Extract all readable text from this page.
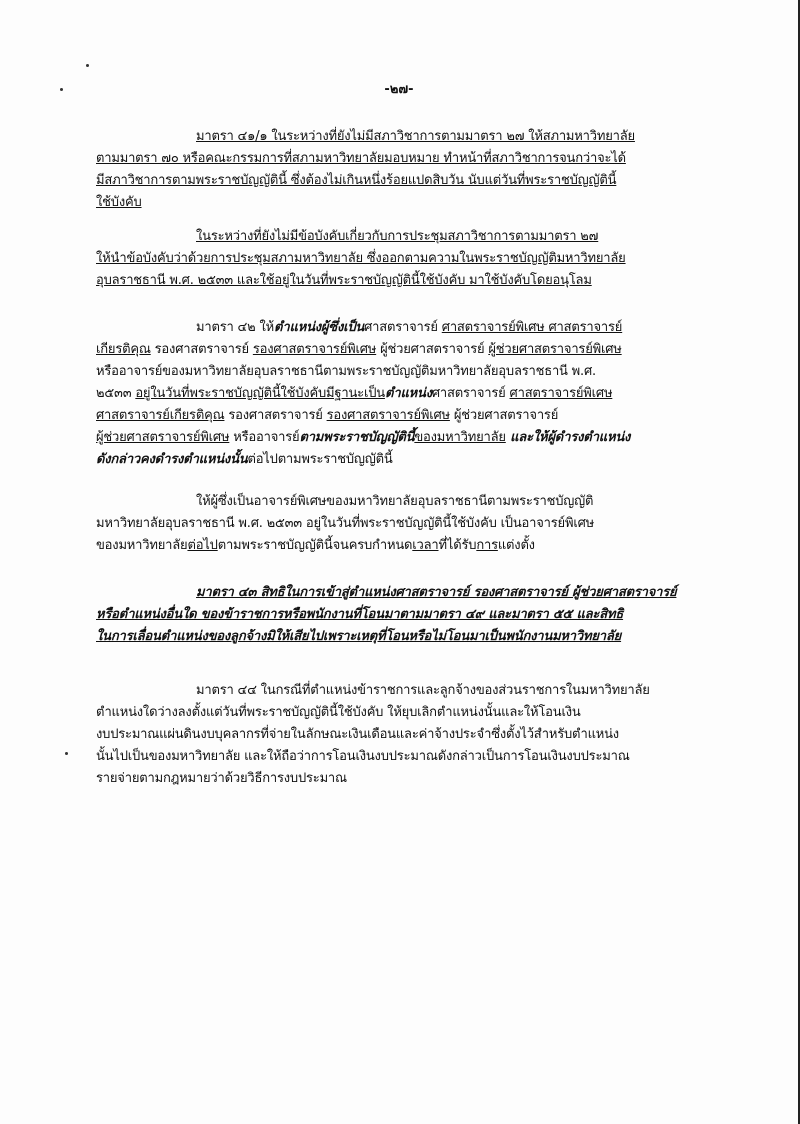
-๒๗-

มาตรา ๔๑/๑ ในระหว่างที่ยังไม่มีสภาวิชาการตามมาตรา ๒๗ ให้สภามหาวิทยาลัย
ตามมาตรา ๗๐ หรือคณะกรรมการที่สภามหาวิทยาลัยมอบหมาย ทำหน้าที่สภาวิชาการจนกว่าจะได้
มีสภาวิชาการตามพระราชบัญญัตินี้ ซึ่งต้องไม่เกินหนึ่งร้อยแปดสิบวัน นับแต่วันที่พระราชบัญญัตินี้
ใช้บังคับ

ในระหว่างที่ยังไม่มีข้อบังคับเกี่ยวกับการประชุมสภาวิชาการตามมาตรา ๒๗
ให้นำข้อบังคับว่าด้วยการประชุมสภามหาวิทยาลัย ซึ่งออกตามความในพระราชบัญญัติมหาวิทยาลัย
อุบลราชธานี พ.ศ. ๒๕๓๓ และใช้อยู่ในวันที่พระราชบัญญัตินี้ใช้บังคับ มาใช้บังคับโดยอนุโลม

มาตรา ๔๒ ให้ตำแหน่งผู้ซึ่งเป็นศาสตราจารย์ ศาสตราจารย์พิเศษ ศาสตราจารย์
เกียรติคุณ รองศาสตราจารย์ รองศาสตราจารย์พิเศษ ผู้ช่วยศาสตราจารย์ ผู้ช่วยศาสตราจารย์พิเศษ
หรืออาจารย์ของมหาวิทยาลัยอุบลราชธานีตามพระราชบัญญัติมหาวิทยาลัยอุบลราชธานี พ.ศ.
๒๕๓๓ อยู่ในวันที่พระราชบัญญัตินี้ใช้บังคับมีฐานะเป็นตำแหน่งศาสตราจารย์ ศาสตราจารย์พิเศษ
ศาสตราจารย์เกียรติคุณ รองศาสตราจารย์ รองศาสตราจารย์พิเศษ ผู้ช่วยศาสตราจารย์
ผู้ช่วยศาสตราจารย์พิเศษ หรืออาจารย์ตามพระราชบัญญัตินี้ของมหาวิทยาลัย และให้ผู้ดำรงตำแหน่ง
ดังกล่าวคงดำรงตำแหน่งนั้นต่อไปตามพระราชบัญญัตินี้

ให้ผู้ซึ่งเป็นอาจารย์พิเศษของมหาวิทยาลัยอุบลราชธานีตามพระราชบัญญัติ
มหาวิทยาลัยอุบลราชธานี พ.ศ. ๒๕๓๓ อยู่ในวันที่พระราชบัญญัตินี้ใช้บังคับ เป็นอาจารย์พิเศษ
ของมหาวิทยาลัยต่อไปตามพระราชบัญญัตินี้จนครบกำหนดเวลาที่ได้รับการแต่งตั้ง

มาตรา ๔๓ สิทธิในการเข้าสู่ตำแหน่งศาสตราจารย์ รองศาสตราจารย์ ผู้ช่วยศาสตราจารย์
หรือตำแหน่งอื่นใด ของข้าราชการหรือพนักงานที่โอนมาตามมาตรา ๔๙ และมาตรา ๕๕ และสิทธิ
ในการเลื่อนตำแหน่งของลูกจ้างมิให้เสียไปเพราะเหตุที่โอนหรือไม่โอนมาเป็นพนักงานมหาวิทยาลัย

มาตรา ๔๔ ในกรณีที่ตำแหน่งข้าราชการและลูกจ้างของส่วนราชการในมหาวิทยาลัย
ตำแหน่งใดว่างลงตั้งแต่วันที่พระราชบัญญัตินี้ใช้บังคับ ให้ยุบเลิกตำแหน่งนั้นและให้โอนเงิน
งบประมาณแผ่นดินงบบุคลากรที่จ่ายในลักษณะเงินเดือนและค่าจ้างประจำซึ่งตั้งไว้สำหรับตำแหน่ง
นั้นไปเป็นของมหาวิทยาลัย และให้ถือว่าการโอนเงินงบประมาณดังกล่าวเป็นการโอนเงินงบประมาณ
รายจ่ายตามกฎหมายว่าด้วยวิธีการงบประมาณ
